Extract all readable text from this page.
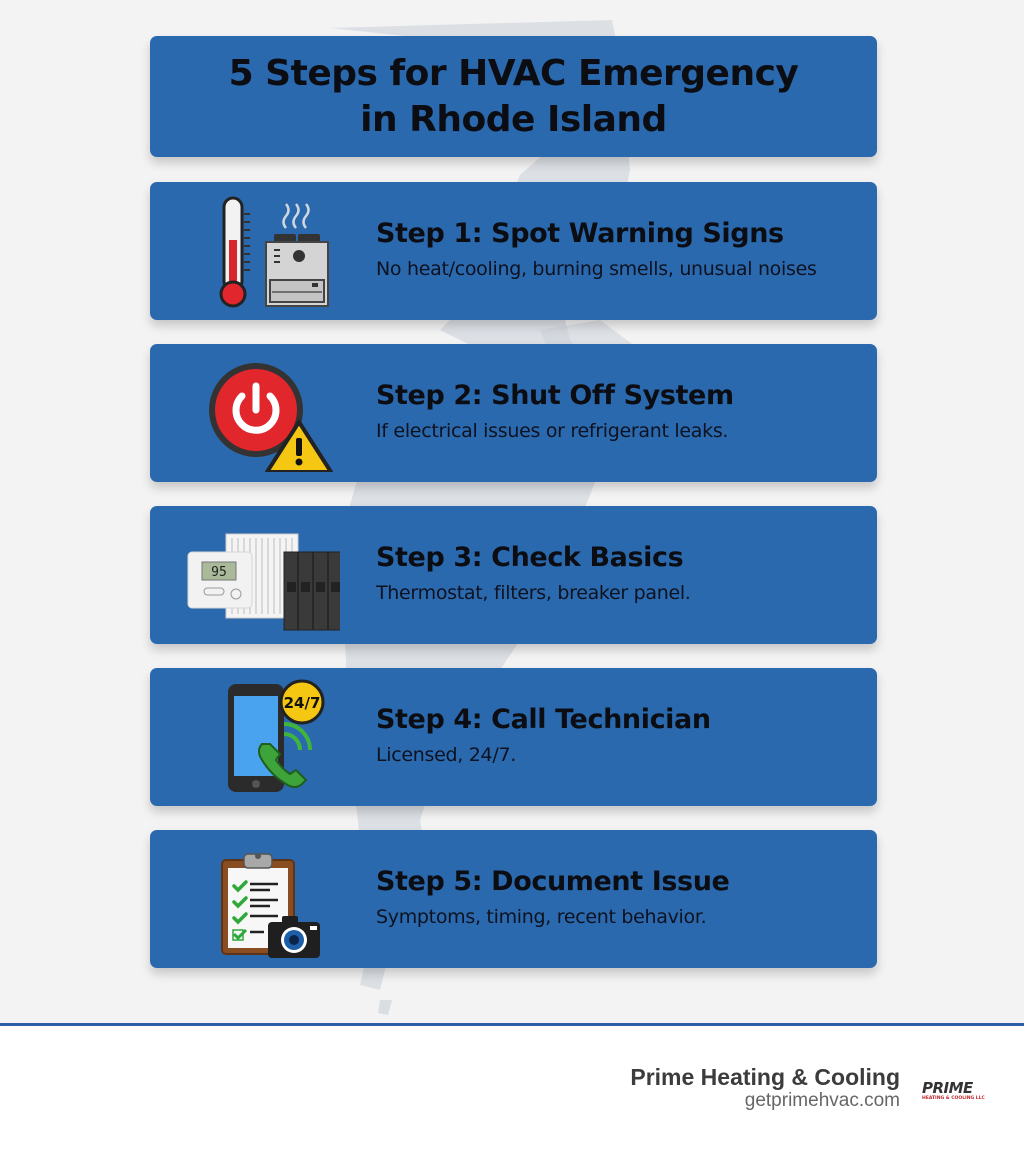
5 Steps for HVAC Emergency
in Rhode Island
Step 1: Spot Warning Signs
No heat/cooling, burning smells, unusual noises
Step 2: Shut Off System
If electrical issues or refrigerant leaks.
95	Step 3: Check Basics
Thermostat, filters, breaker panel.
24/7
Step 4: Call Technician
Licensed, 24/7.
Step 5: Document Issue
Symptoms, timing, recent behavior.
Prime Heating & Cooling
getprimehvac.com
PRIME
HEATING & COOLING LLC
